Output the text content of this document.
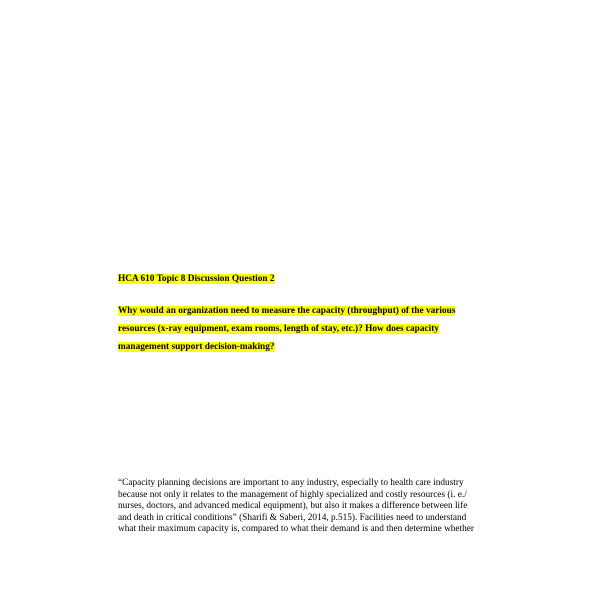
HCA 610 Topic 8 Discussion Question 2
Why would an organization need to measure the capacity (throughput) of the various
resources (x-ray equipment, exam rooms, length of stay, etc.)? How does capacity
management support decision-making?
“Capacity planning decisions are important to any industry, especially to health care industry
because not only it relates to the management of highly specialized and costly resources (i. e./
nurses, doctors, and advanced medical equipment), but also it makes a difference between life
and death in critical conditions” (Sharifi & Saberi, 2014, p.515). Facilities need to understand
what their maximum capacity is, compared to what their demand is and then determine whether
